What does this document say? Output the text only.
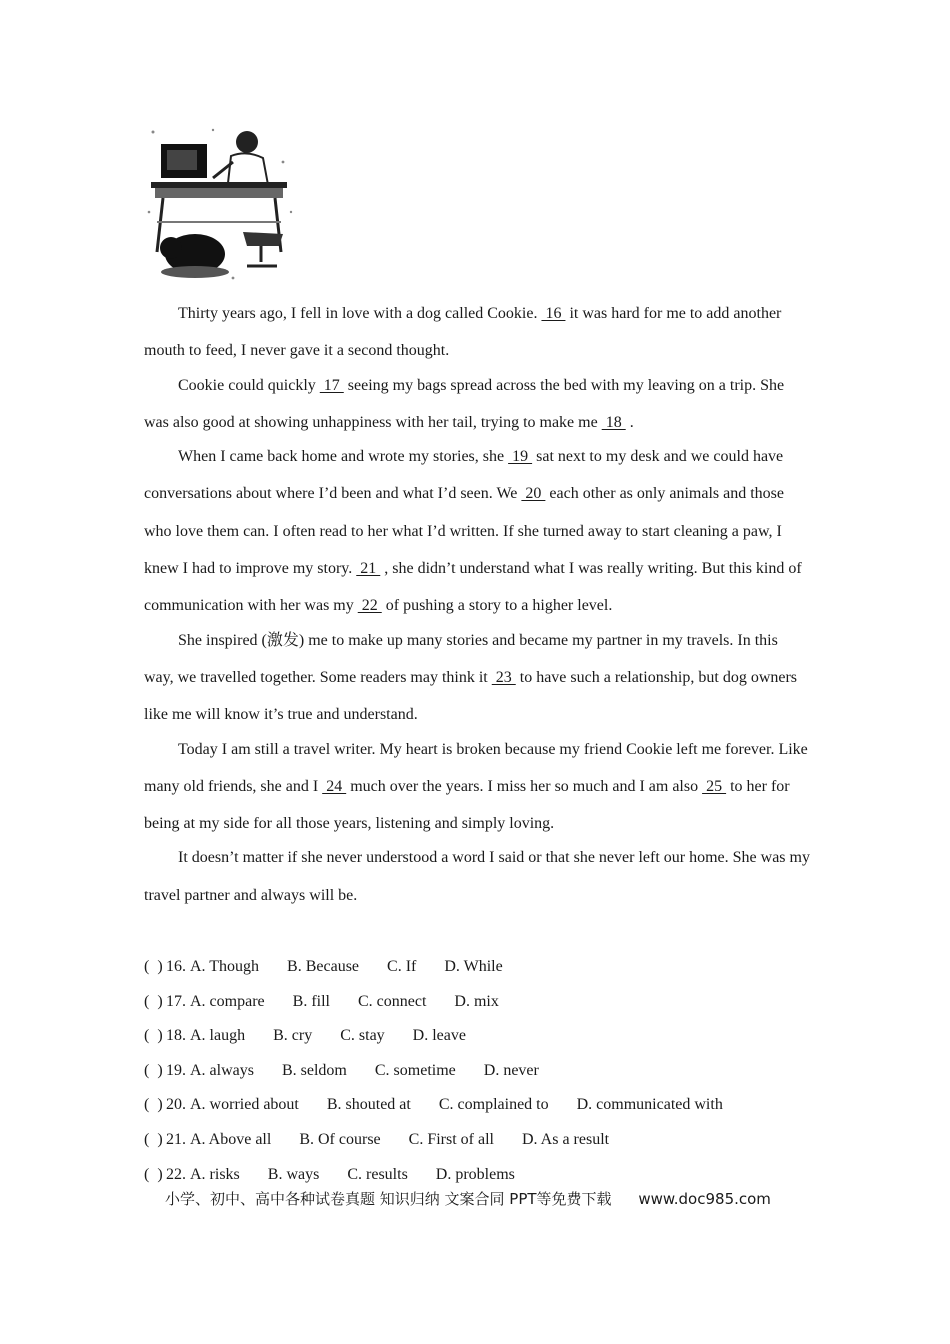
Thirty years ago, I fell in love with a dog called Cookie.  16  it was hard for me to add another mouth to feed, I never gave it a second thought.

Cookie could quickly  17  seeing my bags spread across the bed with my leaving on a trip. She was also good at showing unhappiness with her tail, trying to make me  18  .

When I came back home and wrote my stories, she  19  sat next to my desk and we could have conversations about where I’d been and what I’d seen. We  20  each other as only animals and those who love them can. I often read to her what I’d written. If she turned away to start cleaning a paw, I knew I had to improve my story.  21  , she didn’t understand what I was really writing. But this kind of communication with her was my  22  of pushing a story to a higher level.

She inspired (激发) me to make up many stories and became my partner in my travels. In this way, we travelled together. Some readers may think it  23  to have such a relationship, but dog owners like me will know it’s true and understand.

Today I am still a travel writer. My heart is broken because my friend Cookie left me forever. Like many old friends, she and I  24  much over the years. I miss her so much and I am also  25  to her for being at my side for all those years, listening and simply loving.

It doesn’t matter if she never understood a word I said or that she never left our home. She was my travel partner and always will be.

(  ) 16. A. Though B. Because C. If D. While
(  ) 17. A. compare B. fill C. connect D. mix
(  ) 18. A. laugh B. cry C. stay D. leave
(  ) 19. A. always B. seldom C. sometime D. never
(  ) 20. A. worried about B. shouted at C. complained to D. communicated with
(  ) 21. A. Above all B. Of course C. First of all D. As a result
(  ) 22. A. risks B. ways C. results D. problems
小学、初中、高中各种试卷真题 知识归纳 文案合同 PPT等免费下载 www.doc985.com
